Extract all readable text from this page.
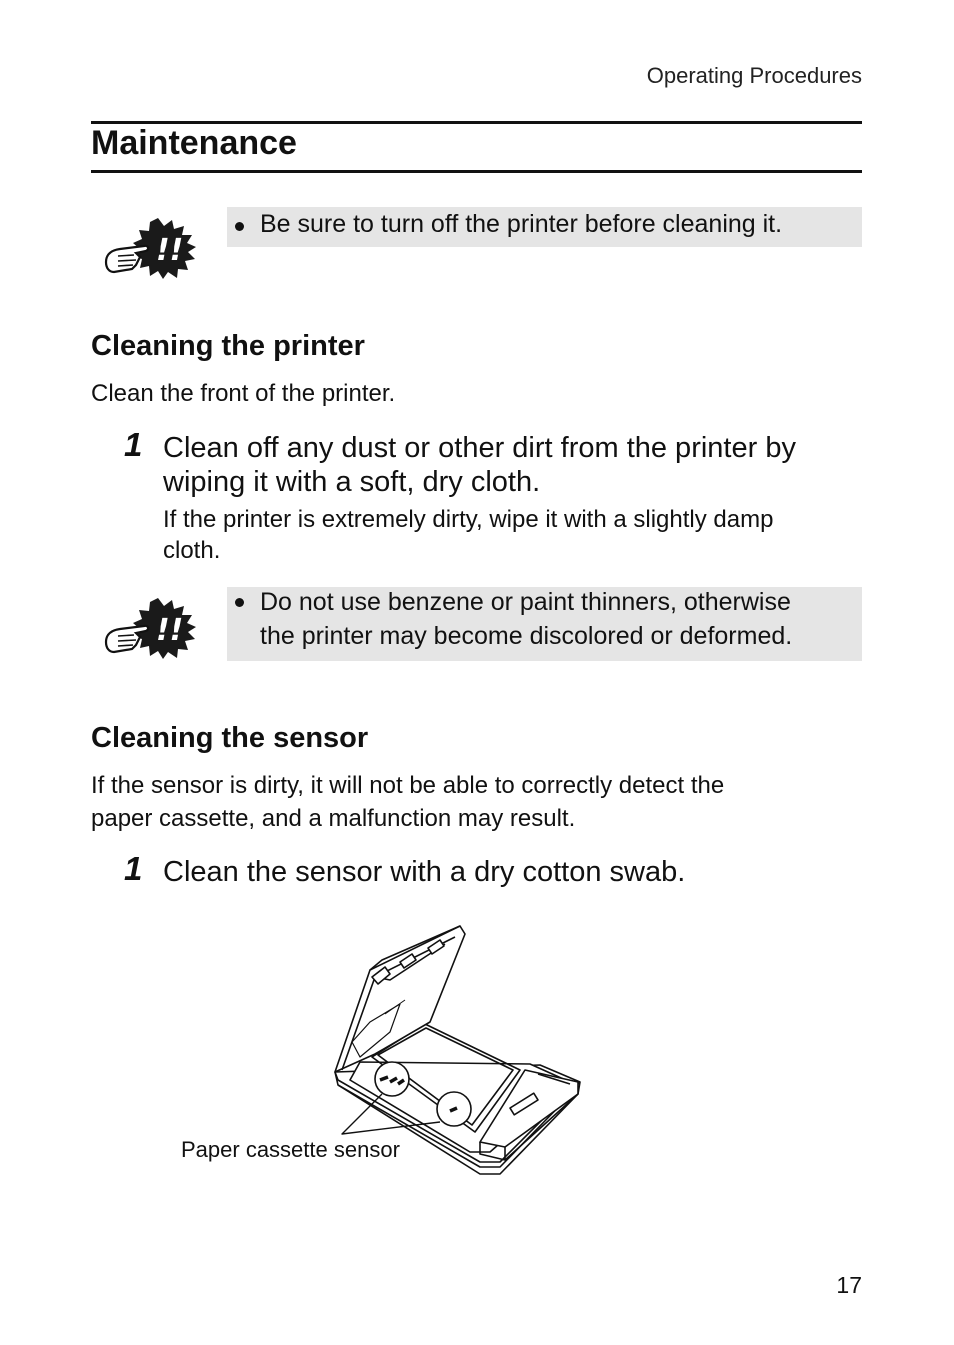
Operating Procedures
Maintenance
!!
Be sure to turn off the printer before cleaning it.
Cleaning the printer
Clean the front of the printer.
1 Clean off any dust or other dirt from the printer by
wiping it with a soft, dry cloth.
If the printer is extremely dirty, wipe it with a slightly damp
cloth.
!!
Do not use benzene or paint thinners, otherwise
the printer may become discolored or deformed.
Cleaning the sensor
If the sensor is dirty, it will not be able to correctly detect the
paper cassette, and a malfunction may result.
1 Clean the sensor with a dry cotton swab.
Paper cassette sensor
17
